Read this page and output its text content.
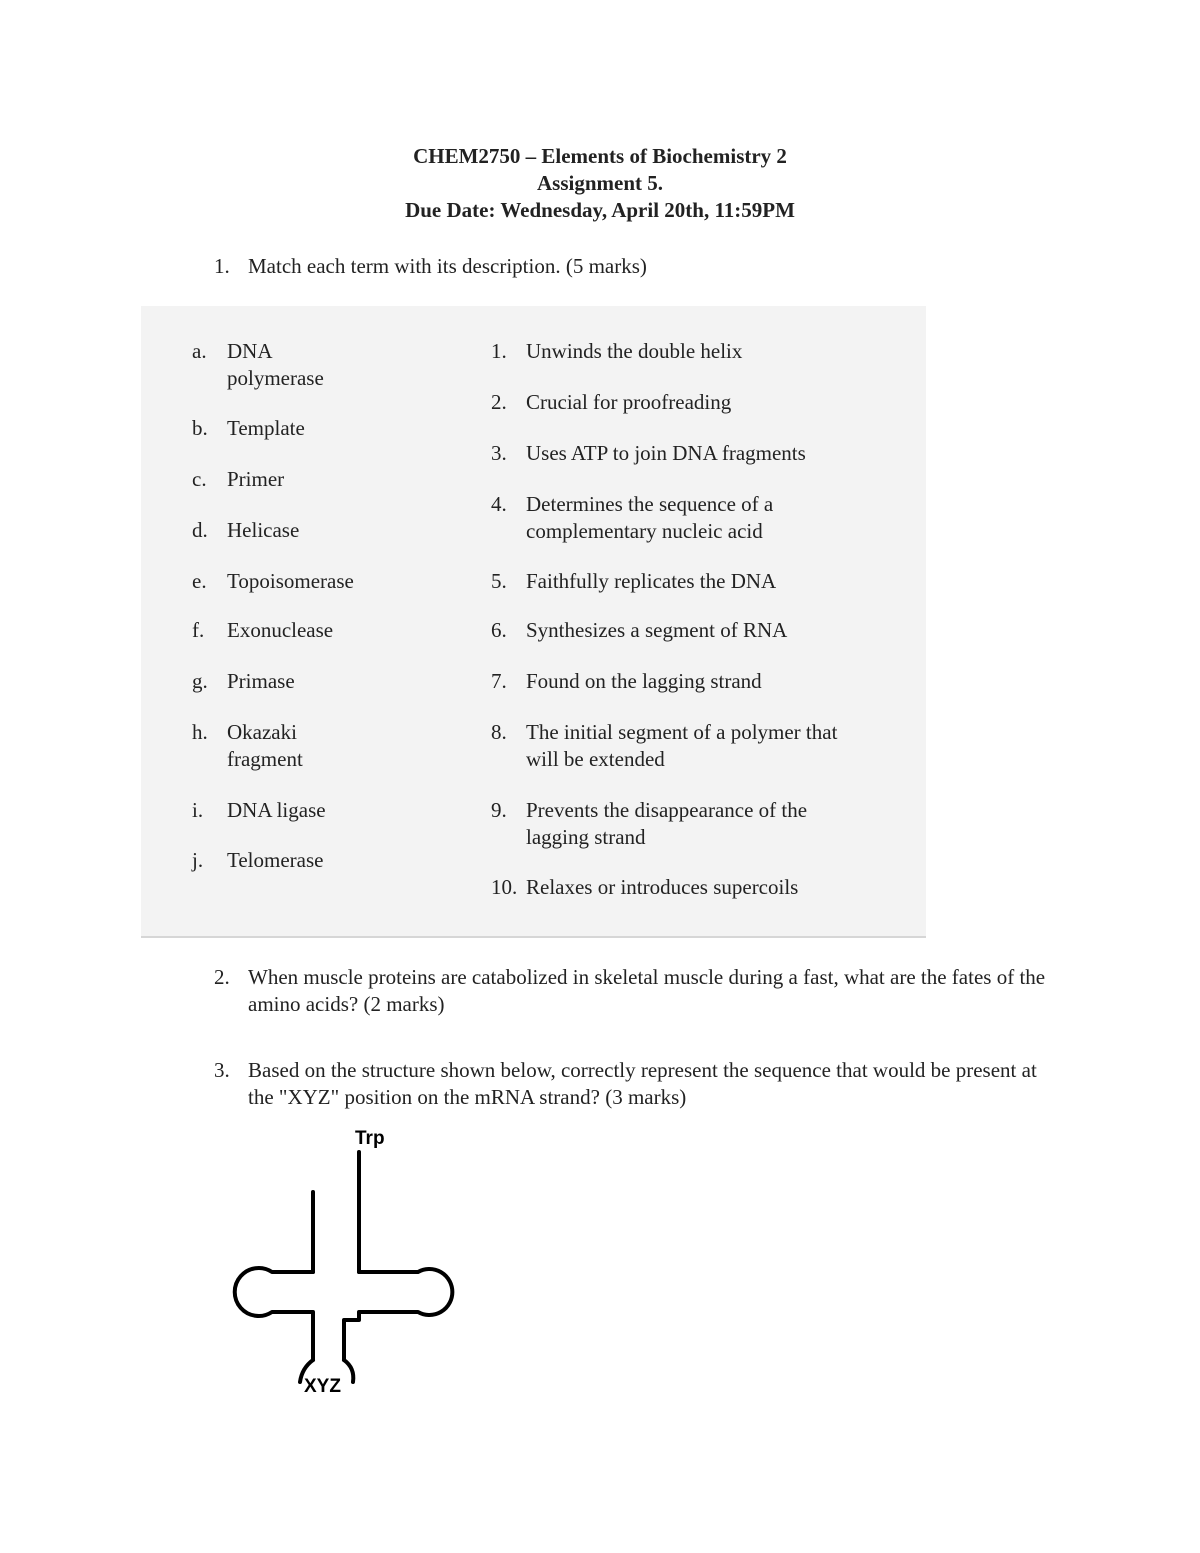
CHEM2750 – Elements of Biochemistry 2
Assignment 5.
Due Date: Wednesday, April 20th, 11:59PM
1. Match each term with its description. (5 marks)
a. DNA polymerase
b. Template
c. Primer
d. Helicase
e. Topoisomerase
f. Exonuclease
g. Primase
h. Okazaki fragment
i. DNA ligase
j. Telomerase
1. Unwinds the double helix
2. Crucial for proofreading
3. Uses ATP to join DNA fragments
4. Determines the sequence of a complementary nucleic acid
5. Faithfully replicates the DNA
6. Synthesizes a segment of RNA
7. Found on the lagging strand
8. The initial segment of a polymer that will be extended
9. Prevents the disappearance of the lagging strand
10. Relaxes or introduces supercoils
2. When muscle proteins are catabolized in skeletal muscle during a fast, what are the fates of the amino acids? (2 marks)
3. Based on the structure shown below, correctly represent the sequence that would be present at the "XYZ" position on the mRNA strand? (3 marks)
Trp
XYZ
